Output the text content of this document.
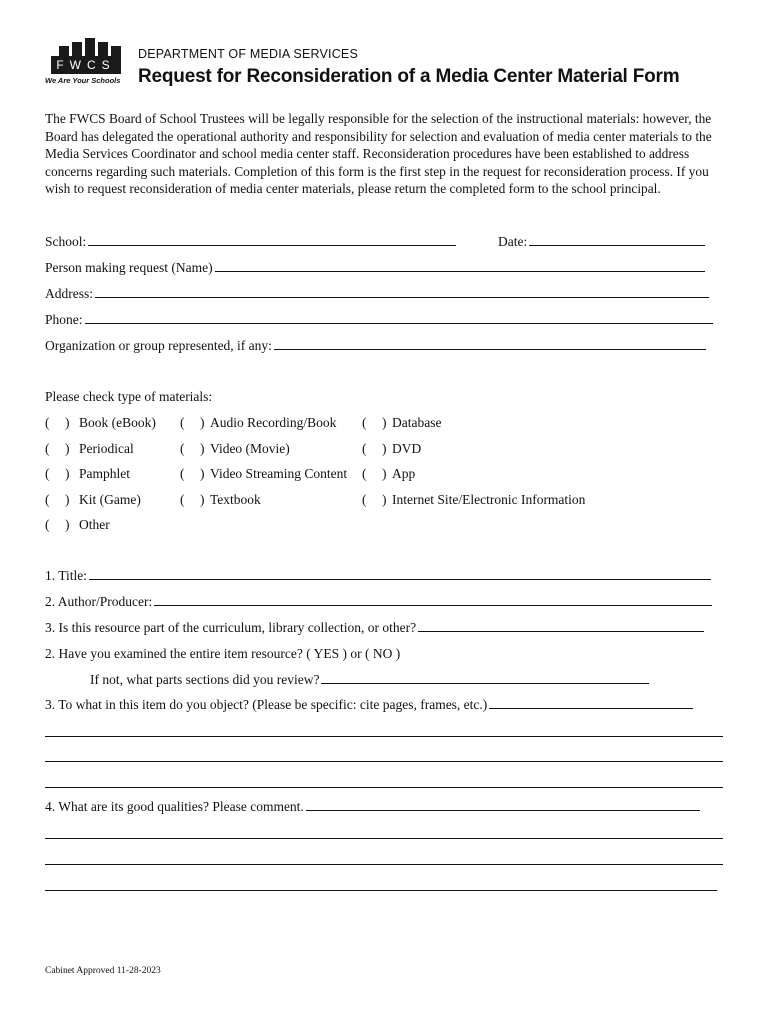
FWCS
We Are Your Schools
DEPARTMENT OF MEDIA SERVICES
Request for Reconsideration of a Media Center Material Form
The FWCS Board of School Trustees will be legally responsible for the selection of the instructional materials: however, the Board has delegated the operational authority and responsibility for selection and evaluation of media center materials to the Media Services Coordinator and school media center staff. Reconsideration procedures have been established to address concerns regarding such materials. Completion of this form is the first step in the request for reconsideration process. If you wish to request reconsideration of media center materials, please return the completed form to the school principal.
School:	Date:
Person making request (Name)
Address:
Phone:
Organization or group represented, if any:
Please check type of materials:
( ) Book (eBook) ( ) Audio Recording/Book ( ) Database
( ) Periodical	( ) Video (Movie)	( ) DVD
( ) Pamphlet	( ) Video Streaming Content ( ) App
( ) Kit (Game)	( ) Textbook	( ) Internet Site/Electronic Information
( ) Other
1. Title:
2. Author/Producer:
3. Is this resource part of the curriculum, library collection, or other?
2. Have you examined the entire item resource? ( YES ) or ( NO )
If not, what parts sections did you review?
3. To what in this item do you object? (Please be specific: cite pages, frames, etc.)
4. What are its good qualities? Please comment.
Cabinet Approved 11-28-2023
